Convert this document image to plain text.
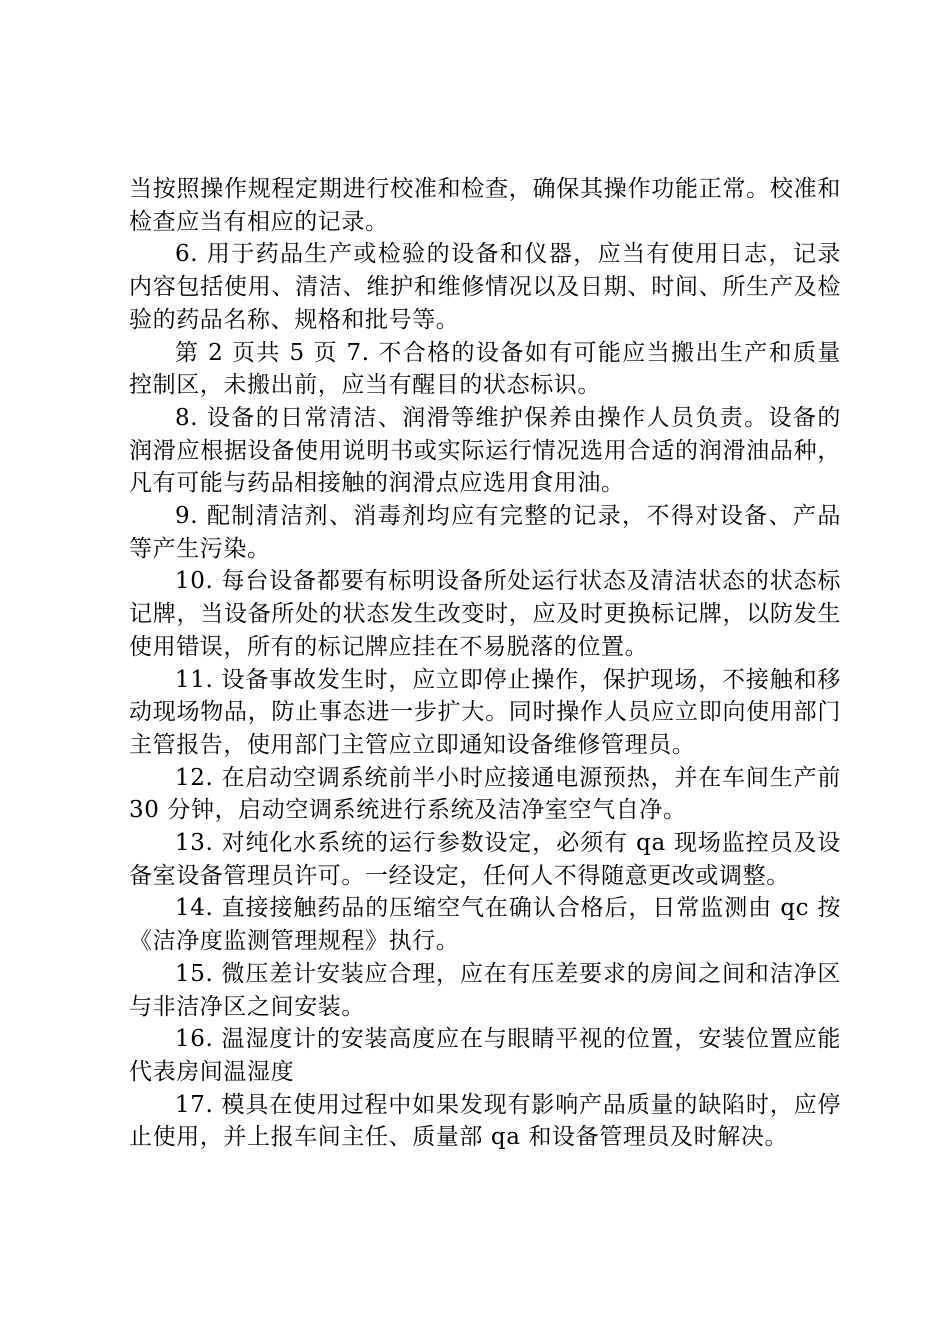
当按照操作规程定期进行校准和检查，确保其操作功能正常。校准和检查应当有相应的记录。

6. 用于药品生产或检验的设备和仪器，应当有使用日志，记录内容包括使用、清洁、维护和维修情况以及日期、时间、所生产及检验的药品名称、规格和批号等。

第 2 页共 5 页 7. 不合格的设备如有可能应当搬出生产和质量控制区，未搬出前，应当有醒目的状态标识。

8. 设备的日常清洁、润滑等维护保养由操作人员负责。设备的润滑应根据设备使用说明书或实际运行情况选用合适的润滑油品种，凡有可能与药品相接触的润滑点应选用食用油。

9. 配制清洁剂、消毒剂均应有完整的记录，不得对设备、产品等产生污染。

10. 每台设备都要有标明设备所处运行状态及清洁状态的状态标记牌，当设备所处的状态发生改变时，应及时更换标记牌，以防发生使用错误，所有的标记牌应挂在不易脱落的位置。

11. 设备事故发生时，应立即停止操作，保护现场，不接触和移动现场物品，防止事态进一步扩大。同时操作人员应立即向使用部门主管报告，使用部门主管应立即通知设备维修管理员。

12. 在启动空调系统前半小时应接通电源预热，并在车间生产前 30 分钟，启动空调系统进行系统及洁净室空气自净。

13. 对纯化水系统的运行参数设定，必须有 qa 现场监控员及设备室设备管理员许可。一经设定，任何人不得随意更改或调整。

14. 直接接触药品的压缩空气在确认合格后，日常监测由 qc 按《洁净度监测管理规程》执行。

15. 微压差计安装应合理，应在有压差要求的房间之间和洁净区与非洁净区之间安装。

16. 温湿度计的安装高度应在与眼睛平视的位置，安装位置应能代表房间温湿度

17. 模具在使用过程中如果发现有影响产品质量的缺陷时，应停止使用，并上报车间主任、质量部 qa 和设备管理员及时解决。
